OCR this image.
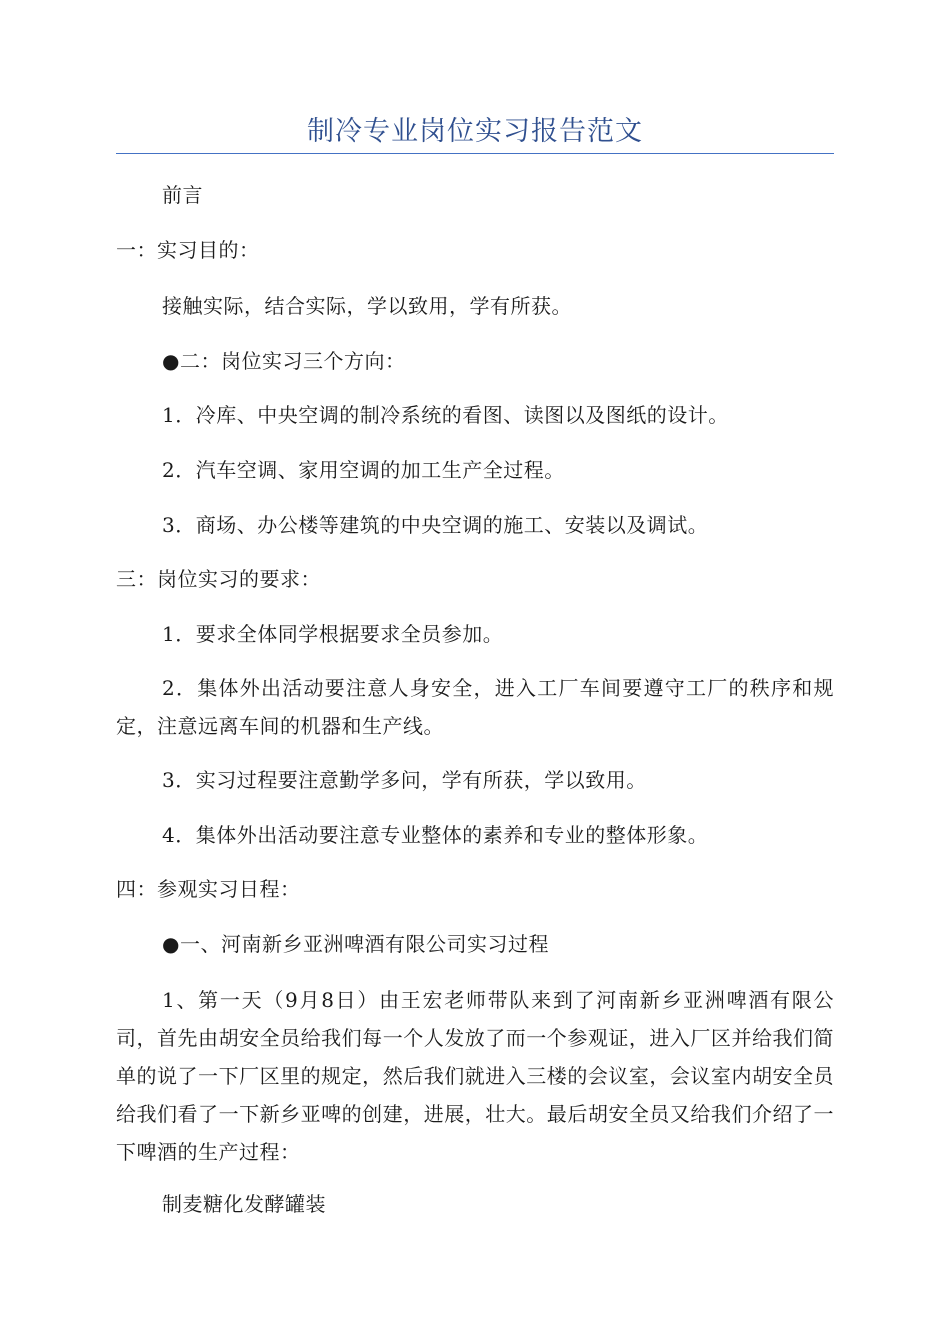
制冷专业岗位实习报告范文
前言
一：实习目的：
接触实际，结合实际，学以致用，学有所获。
●二：岗位实习三个方向：
1．冷库、中央空调的制冷系统的看图、读图以及图纸的设计。
2．汽车空调、家用空调的加工生产全过程。
3．商场、办公楼等建筑的中央空调的施工、安装以及调试。
三：岗位实习的要求：
1．要求全体同学根据要求全员参加。
2．集体外出活动要注意人身安全，进入工厂车间要遵守工厂的秩序和规定，注意远离车间的机器和生产线。
3．实习过程要注意勤学多问，学有所获，学以致用。
4．集体外出活动要注意专业整体的素养和专业的整体形象。
四：参观实习日程：
●一、河南新乡亚洲啤酒有限公司实习过程
1、第一天（9月8日）由王宏老师带队来到了河南新乡亚洲啤酒有限公司，首先由胡安全员给我们每一个人发放了而一个参观证，进入厂区并给我们简单的说了一下厂区里的规定，然后我们就进入三楼的会议室，会议室内胡安全员给我们看了一下新乡亚啤的创建，进展，壮大。最后胡安全员又给我们介绍了一下啤酒的生产过程：
制麦糖化发酵罐装
